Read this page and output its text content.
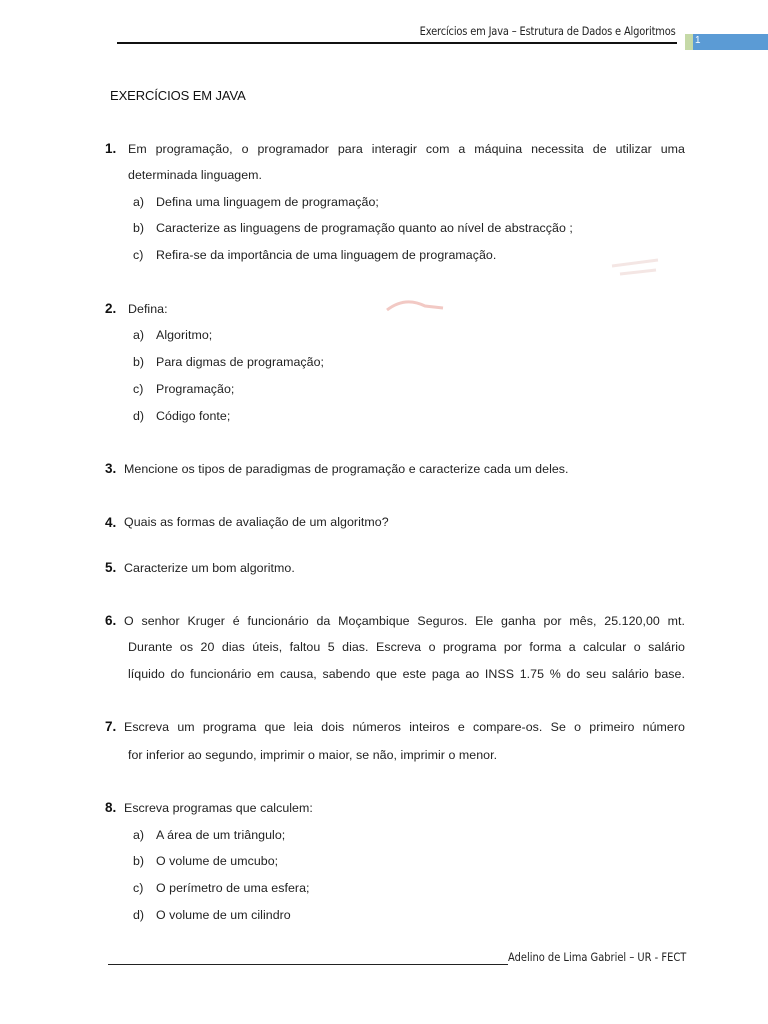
Exercícios em Java – Estrutura de Dados e Algoritmos
1
EXERCÍCIOS EM JAVA
1. Em programação, o programador para interagir com a máquina necessita de utilizar uma
determinada linguagem.
a) Defina uma linguagem de programação;
b) Caracterize as linguagens de programação quanto ao nível de abstracção ;
c) Refira-se da importância de uma linguagem de programação.
2. Defina:
a) Algoritmo;
b) Para digmas de programação;
c) Programação;
d) Código fonte;
3. Mencione os tipos de paradigmas de programação e caracterize cada um deles.
4. Quais as formas de avaliação de um algoritmo?
5. Caracterize um bom algoritmo.
6. O senhor Kruger é funcionário da Moçambique Seguros. Ele ganha por mês, 25.120,00 mt.
Durante os 20 dias úteis, faltou 5 dias. Escreva o programa por forma a calcular o salário
líquido do funcionário em causa, sabendo que este paga ao INSS 1.75 % do seu salário base.
7. Escreva um programa que leia dois números inteiros e compare-os. Se o primeiro número
for inferior ao segundo, imprimir o maior, se não, imprimir o menor.
8. Escreva programas que calculem:
a) A área de um triângulo;
b) O volume de umcubo;
c) O perímetro de uma esfera;
d) O volume de um cilindro
Adelino de Lima Gabriel – UR - FECT
